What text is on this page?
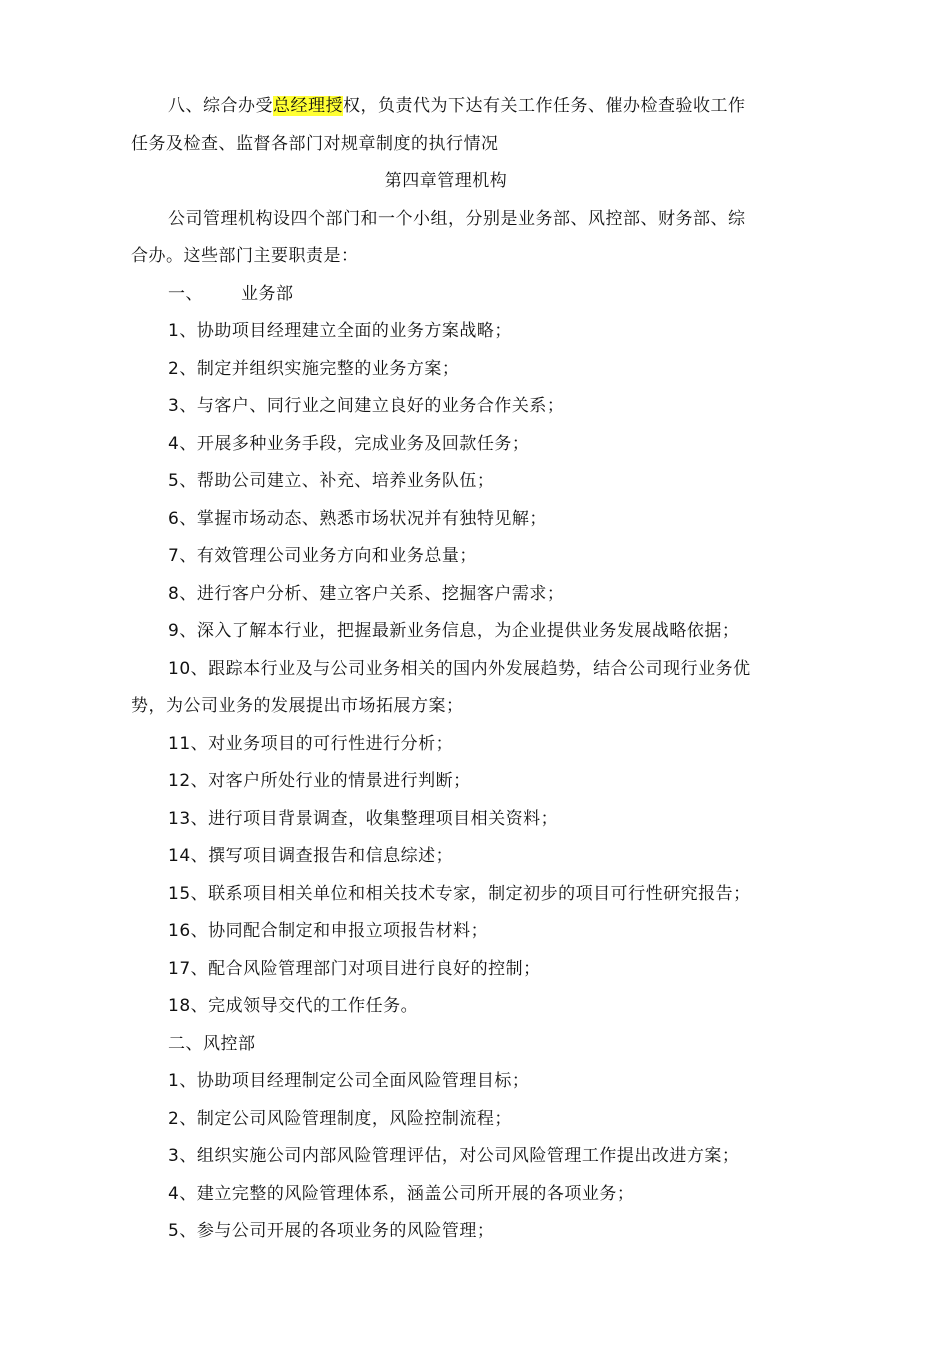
八、综合办受总经理授权，负责代为下达有关工作任务、催办检查验收工作任务及检查、监督各部门对规章制度的执行情况

第四章管理机构

公司管理机构设四个部门和一个小组，分别是业务部、风控部、财务部、综合办。这些部门主要职责是：

一、 业务部

1、协助项目经理建立全面的业务方案战略；

2、制定并组织实施完整的业务方案；

3、与客户、同行业之间建立良好的业务合作关系；

4、开展多种业务手段，完成业务及回款任务；

5、帮助公司建立、补充、培养业务队伍；

6、掌握市场动态、熟悉市场状况并有独特见解；

7、有效管理公司业务方向和业务总量；

8、进行客户分析、建立客户关系、挖掘客户需求；

9、深入了解本行业，把握最新业务信息，为企业提供业务发展战略依据；

10、跟踪本行业及与公司业务相关的国内外发展趋势，结合公司现行业务优势，为公司业务的发展提出市场拓展方案；

11、对业务项目的可行性进行分析；

12、对客户所处行业的情景进行判断；

13、进行项目背景调查，收集整理项目相关资料；

14、撰写项目调查报告和信息综述；

15、联系项目相关单位和相关技术专家，制定初步的项目可行性研究报告；

16、协同配合制定和申报立项报告材料；

17、配合风险管理部门对项目进行良好的控制；

18、完成领导交代的工作任务。

二、风控部

1、协助项目经理制定公司全面风险管理目标；

2、制定公司风险管理制度，风险控制流程；

3、组织实施公司内部风险管理评估，对公司风险管理工作提出改进方案；

4、建立完整的风险管理体系，涵盖公司所开展的各项业务；

5、参与公司开展的各项业务的风险管理；
